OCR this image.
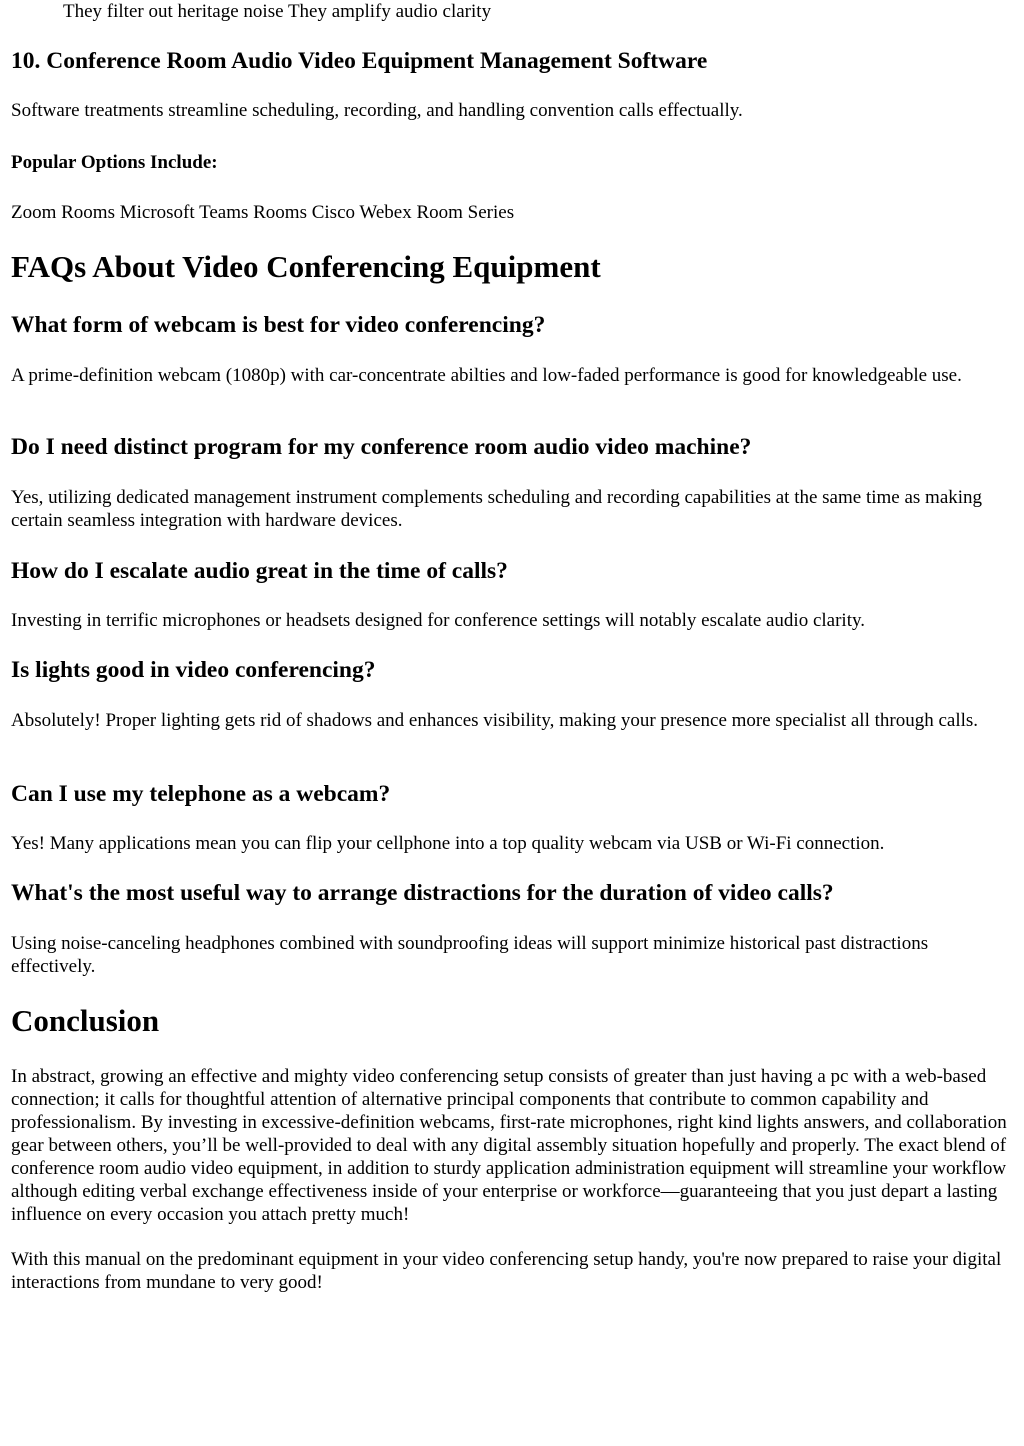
They filter out heritage noise They amplify audio clarity

10. Conference Room Audio Video Equipment Management Software

Software treatments streamline scheduling, recording, and handling convention calls effectually.

Popular Options Include:

Zoom Rooms Microsoft Teams Rooms Cisco Webex Room Series

FAQs About Video Conferencing Equipment
What form of webcam is best for video conferencing?

A prime-definition webcam (1080p) with car-concentrate abilties and low-faded performance is good for knowledgeable use.

Do I need distinct program for my conference room audio video machine?

Yes, utilizing dedicated management instrument complements scheduling and recording capabilities at the same time as making certain seamless integration with hardware devices.

How do I escalate audio great in the time of calls?

Investing in terrific microphones or headsets designed for conference settings will notably escalate audio clarity.

Is lights good in video conferencing?

Absolutely! Proper lighting gets rid of shadows and enhances visibility, making your presence more specialist all through calls.

Can I use my telephone as a webcam?

Yes! Many applications mean you can flip your cellphone into a top quality webcam via USB or Wi-Fi connection.

What's the most useful way to arrange distractions for the duration of video calls?

Using noise-canceling headphones combined with soundproofing ideas will support minimize historical past distractions effectively.

Conclusion

In abstract, growing an effective and mighty video conferencing setup consists of greater than just having a pc with a web-based connection; it calls for thoughtful attention of alternative principal components that contribute to common capability and professionalism. By investing in excessive-definition webcams, first-rate microphones, right kind lights answers, and collaboration gear between others, you’ll be well-provided to deal with any digital assembly situation hopefully and properly. The exact blend of conference room audio video equipment, in addition to sturdy application administration equipment will streamline your workflow although editing verbal exchange effectiveness inside of your enterprise or workforce—guaranteeing that you just depart a lasting influence on every occasion you attach pretty much!

With this manual on the predominant equipment in your video conferencing setup handy, you're now prepared to raise your digital interactions from mundane to very good!
